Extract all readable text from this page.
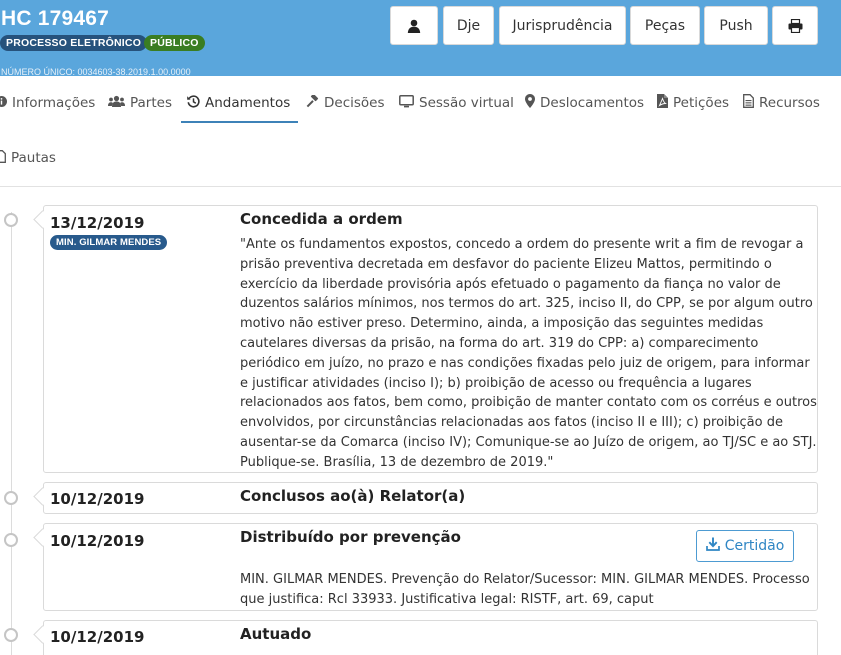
HC 179467
PROCESSO ELETRÔNICO PÚBLICO
NÚMERO ÚNICO: 0034603-38.2019.1.00.0000
Dje	Jurisprudência	Peças	Push
Informações	Partes Andamentos	Decisões	Sessão virtual Deslocamentos Petições Recursos
Pautas
13/12/2019
MIN. GILMAR MENDES
Concedida a ordem
"Ante os fundamentos expostos, concedo a ordem do presente writ a fim de revogar a prisão preventiva decretada em desfavor do paciente Elizeu Mattos, permitindo o exercício da liberdade provisória após efetuado o pagamento da fiança no valor de duzentos salários mínimos, nos termos do art. 325, inciso II, do CPP, se por algum outro motivo não estiver preso. Determino, ainda, a imposição das seguintes medidas cautelares diversas da prisão, na forma do art. 319 do CPP: a) comparecimento periódico em juízo, no prazo e nas condições fixadas pelo juiz de origem, para informar e justificar atividades (inciso I); b) proibição de acesso ou frequência a lugares relacionados aos fatos, bem como, proibição de manter contato com os corréus e outros envolvidos, por circunstâncias relacionadas aos fatos (inciso II e III); c) proibição de ausentar-se da Comarca (inciso IV); Comunique-se ao Juízo de origem, ao TJ/SC e ao STJ. Publique-se. Brasília, 13 de dezembro de 2019."
10/12/2019	Conclusos ao(à) Relator(a)
10/12/2019	Distribuído por prevenção	Certidão
MIN. GILMAR MENDES. Prevenção do Relator/Sucessor: MIN. GILMAR MENDES. Processo que justifica: Rcl 33933. Justificativa legal: RISTF, art. 69, caput
10/12/2019	Autuado
